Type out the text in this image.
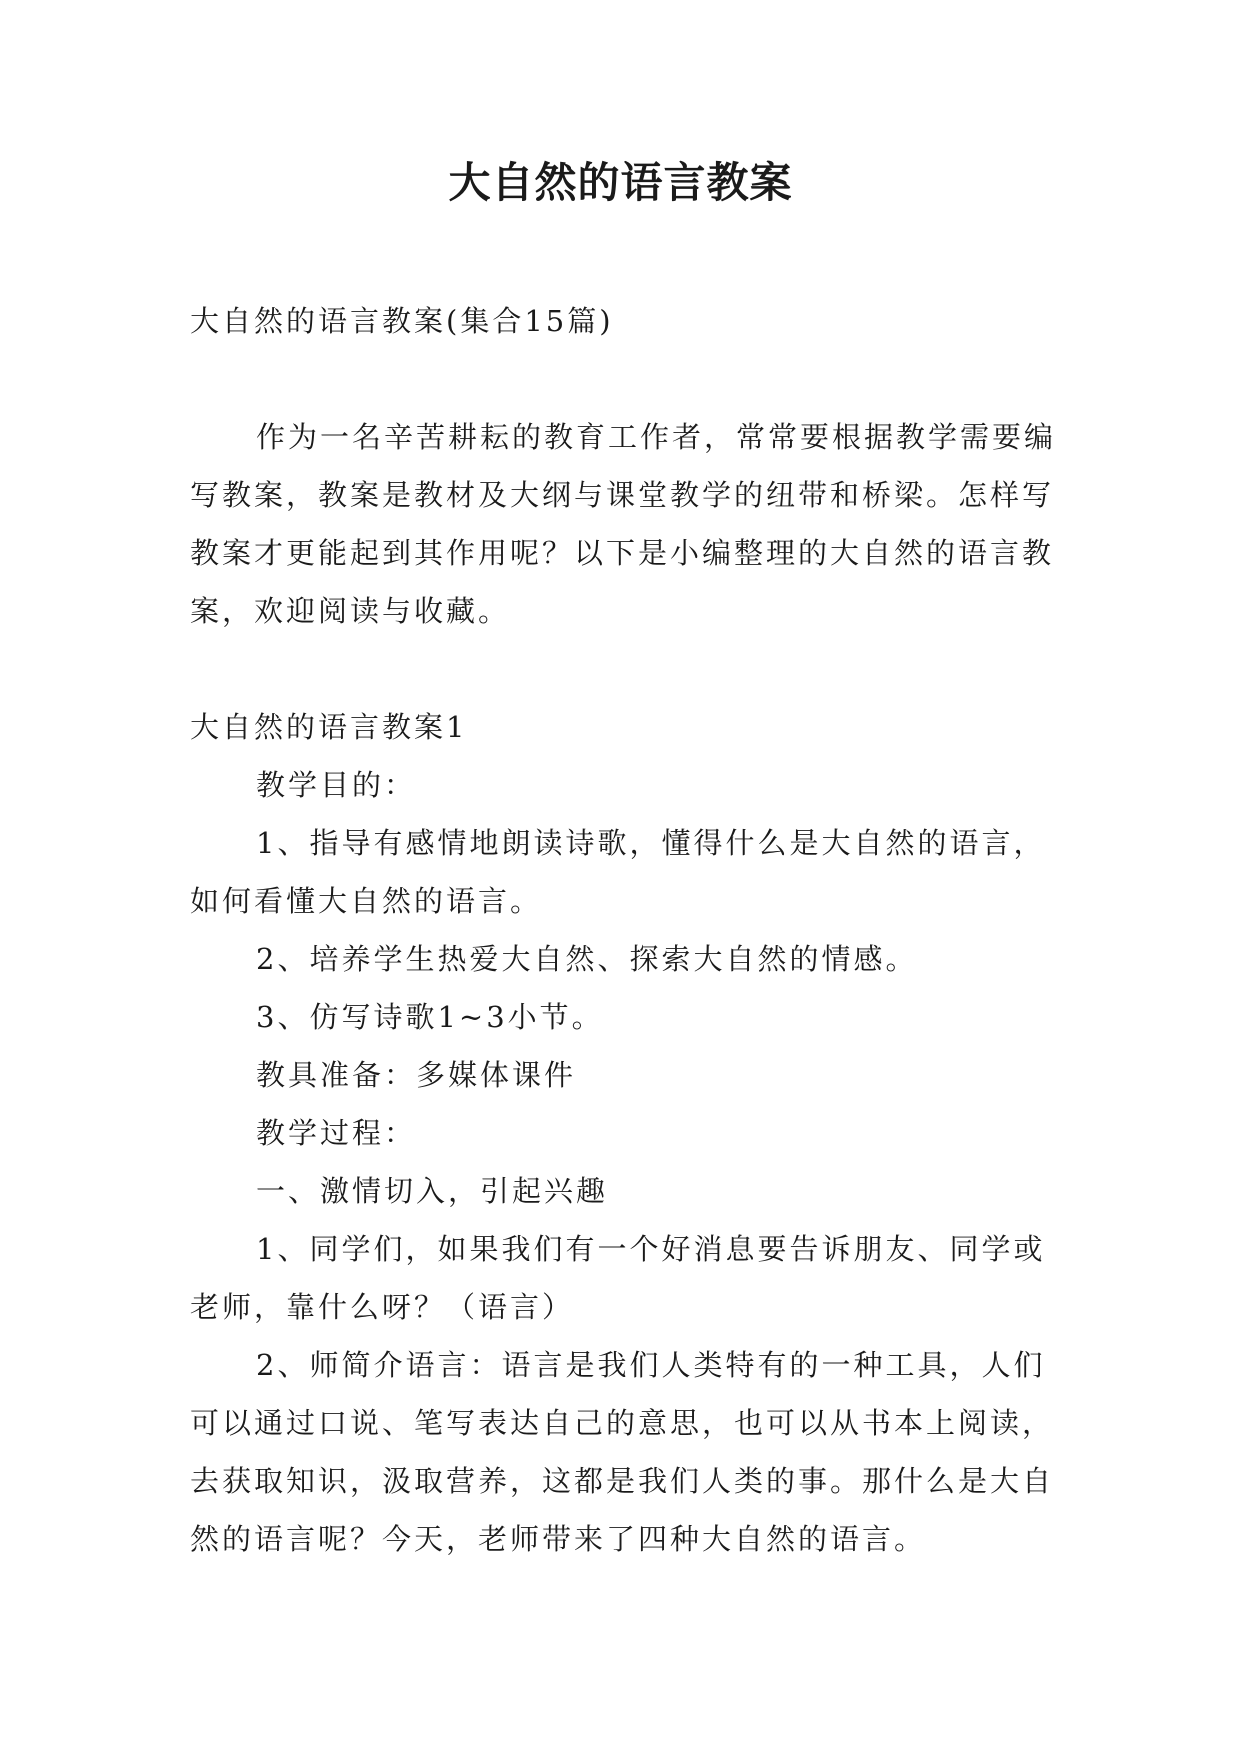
大自然的语言教案

大自然的语言教案(集合15篇)

作为一名辛苦耕耘的教育工作者，常常要根据教学需要编写教案，教案是教材及大纲与课堂教学的纽带和桥梁。怎样写教案才更能起到其作用呢？以下是小编整理的大自然的语言教案，欢迎阅读与收藏。

大自然的语言教案1

教学目的：

1、指导有感情地朗读诗歌，懂得什么是大自然的语言，如何看懂大自然的语言。

2、培养学生热爱大自然、探索大自然的情感。

3、仿写诗歌1~3小节。

教具准备：多媒体课件

教学过程：

一、激情切入，引起兴趣

1、同学们，如果我们有一个好消息要告诉朋友、同学或老师，靠什么呀？（语言）

2、师简介语言：语言是我们人类特有的一种工具，人们可以通过口说、笔写表达自己的意思，也可以从书本上阅读，去获取知识，汲取营养，这都是我们人类的事。那什么是大自然的语言呢？今天，老师带来了四种大自然的语言。
